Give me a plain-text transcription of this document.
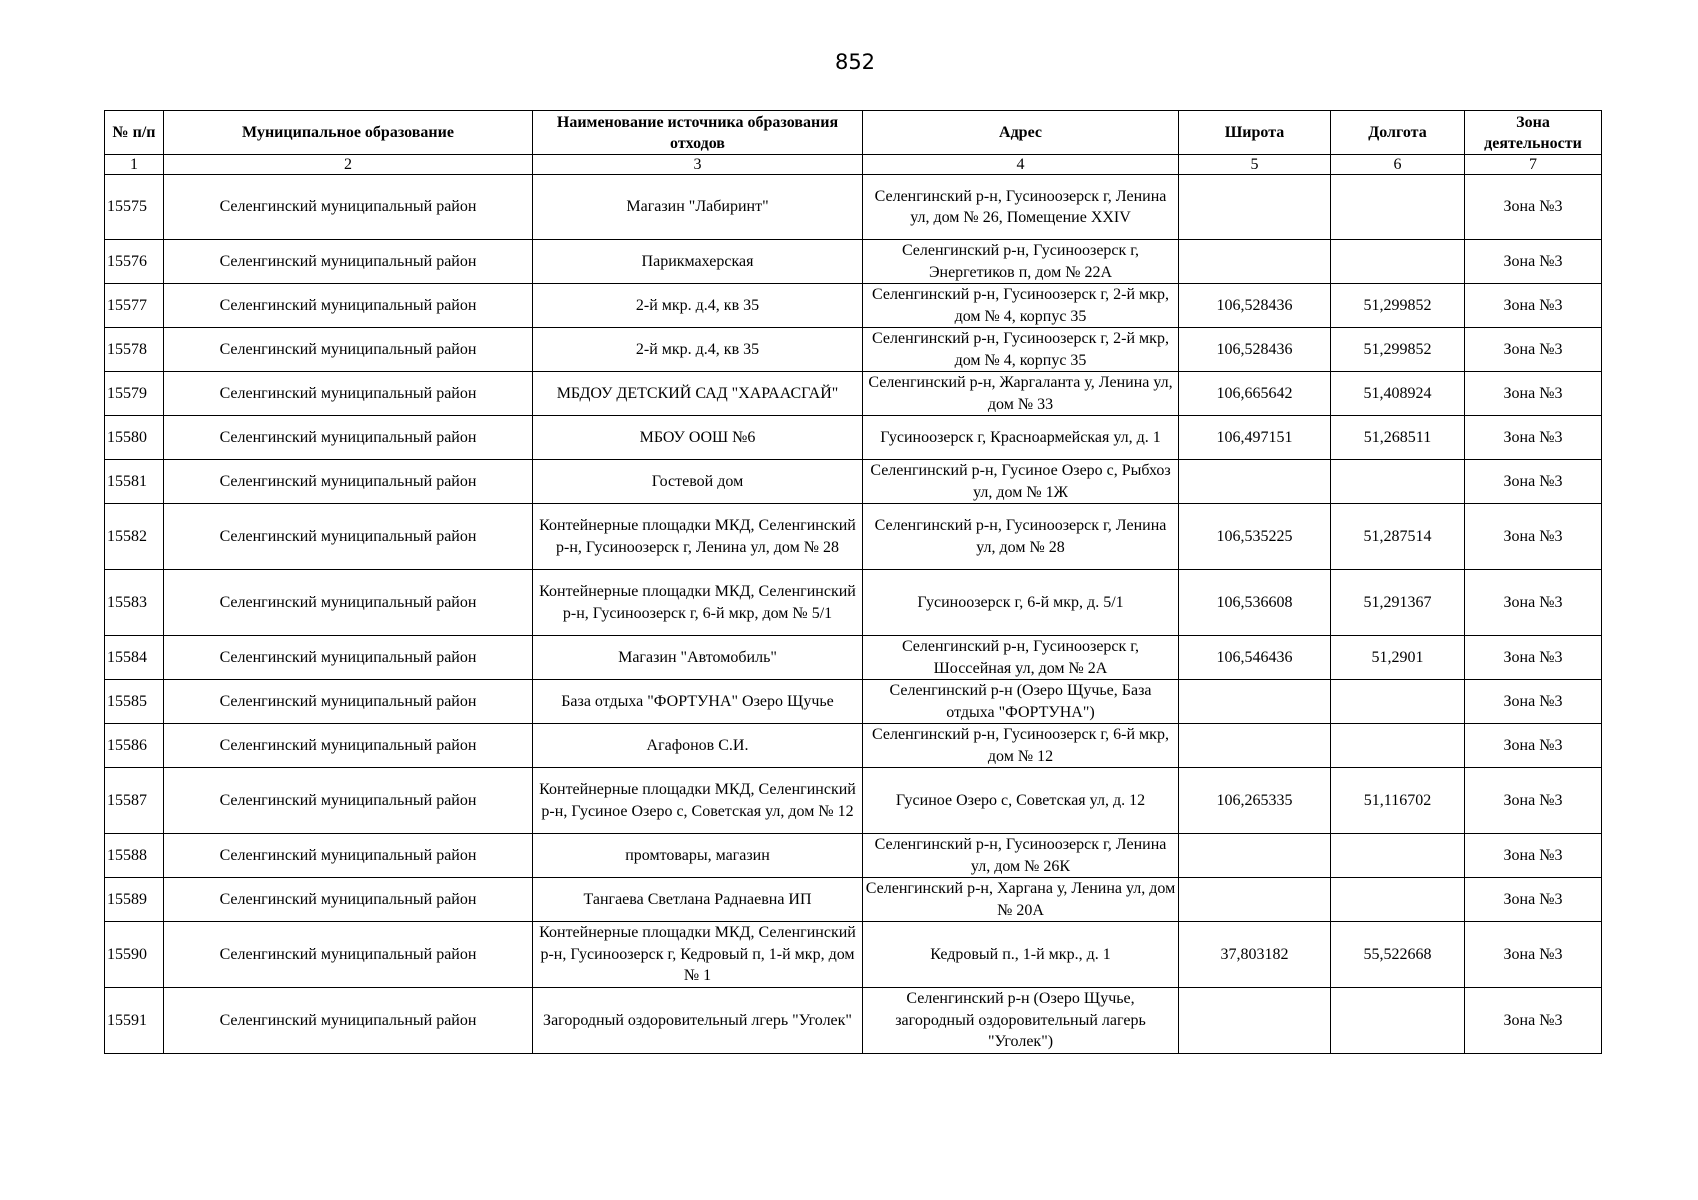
852
№ п/п	Муниципальное образование	Наименование источника образования отходов	Адрес	Широта	Долгота	Зона деятельности
1	2	3	4	5	6	7
15575	Селенгинский муниципальный район	Магазин "Лабиринт"	Селенгинский р-н, Гусиноозерск г, Ленина ул, дом № 26, Помещение XXIV			Зона №3
15576	Селенгинский муниципальный район	Парикмахерская	Селенгинский р-н, Гусиноозерск г, Энергетиков п, дом № 22А			Зона №3
15577	Селенгинский муниципальный район	2-й мкр. д.4, кв 35	Селенгинский р-н, Гусиноозерск г, 2-й мкр, дом № 4, корпус 35	106,528436	51,299852	Зона №3
15578	Селенгинский муниципальный район	2-й мкр. д.4, кв 35	Селенгинский р-н, Гусиноозерск г, 2-й мкр, дом № 4, корпус 35	106,528436	51,299852	Зона №3
15579	Селенгинский муниципальный район	МБДОУ ДЕТСКИЙ САД "ХАРААСГАЙ"	Селенгинский р-н, Жаргаланта у, Ленина ул, дом № 33	106,665642	51,408924	Зона №3
15580	Селенгинский муниципальный район	МБОУ ООШ №6	Гусиноозерск г, Красноармейская ул, д. 1	106,497151	51,268511	Зона №3
15581	Селенгинский муниципальный район	Гостевой дом	Селенгинский р-н, Гусиное Озеро с, Рыбхоз ул, дом № 1Ж			Зона №3
15582	Селенгинский муниципальный район	Контейнерные площадки МКД, Селенгинский р-н, Гусиноозерск г, Ленина ул, дом № 28	Селенгинский р-н, Гусиноозерск г, Ленина ул, дом № 28	106,535225	51,287514	Зона №3
15583	Селенгинский муниципальный район	Контейнерные площадки МКД, Селенгинский р-н, Гусиноозерск г, 6-й мкр, дом № 5/1	Гусиноозерск г, 6-й мкр, д. 5/1	106,536608	51,291367	Зона №3
15584	Селенгинский муниципальный район	Магазин "Автомобиль"	Селенгинский р-н, Гусиноозерск г, Шоссейная ул, дом № 2А	106,546436	51,2901	Зона №3
15585	Селенгинский муниципальный район	База отдыха "ФОРТУНА" Озеро Щучье	Селенгинский р-н (Озеро Щучье, База отдыха "ФОРТУНА")			Зона №3
15586	Селенгинский муниципальный район	Агафонов С.И.	Селенгинский р-н, Гусиноозерск г, 6-й мкр, дом № 12			Зона №3
15587	Селенгинский муниципальный район	Контейнерные площадки МКД, Селенгинский р-н, Гусиное Озеро с, Советская ул, дом № 12	Гусиное Озеро с, Советская ул, д. 12	106,265335	51,116702	Зона №3
15588	Селенгинский муниципальный район	промтовары, магазин	Селенгинский р-н, Гусиноозерск г, Ленина ул, дом № 26К			Зона №3
15589	Селенгинский муниципальный район	Тангаева Светлана Раднаевна ИП	Селенгинский р-н, Харгана у, Ленина ул, дом № 20А			Зона №3
15590	Селенгинский муниципальный район	Контейнерные площадки МКД, Селенгинский р-н, Гусиноозерск г, Кедровый п, 1-й мкр, дом № 1	Кедровый п., 1-й мкр., д. 1	37,803182	55,522668	Зона №3
15591	Селенгинский муниципальный район	Загородный оздоровительный лгерь "Уголек"	Селенгинский р-н (Озеро Щучье, загородный оздоровительный лагерь "Уголек")			Зона №3
